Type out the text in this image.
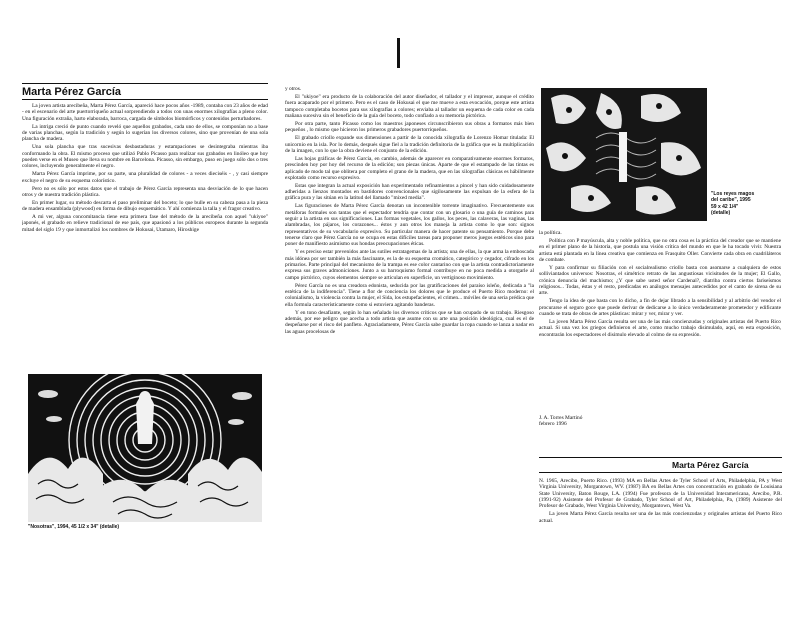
Marta Pérez García

La joven artista arecibeña, Marta Pérez García, apareció hace pocos años -1989, contaba con 23 años de edad - en el escenario del arte puertorriqueño actual sorprendiendo a todos con unas enormes xilografías a pleno color. Una figuración extraña, harto elaborada, barroca, cargada de símbolos biomórficos y contenidos perturbadores.

La intriga creció de punto cuando reveló que aquellos grabados, cada uno de ellos, se componían no a base de varias planchas, según la tradición y según lo sugerían los diversos colores, sino que provenían de una sola plancha de madera.

Una sola plancha que tras sucesivas desbastaduras y estampaciones se desintegraba mientras iba conformando la obra. El mismo proceso que utilizó Pablo Picasso para realizar sus grabados en linóleo que hoy pueden verse en el Museo que lleva su nombre en Barcelona. Picasso, sin embargo, puso en juego sólo dos o tres colores, incluyendo generalmente el negro.

Marta Pérez García imprime, por su parte, una pluralidad de colores - a veces dieciséis - , y casi siempre excluye el negro de su esquema colorístico.

Pero no es sólo por estos datos que el trabajo de Pérez García representa una desviación de lo que hacen otros y de nuestra tradición plástica.

En primer lugar, su método descarta el paso preliminar del boceto; lo que bulle en su cabeza pasa a la pieza de madera ensamblada (plywood) en forma de dibujo esquemático. Y ahí comienza la talla y el fragor creativo.

A mi ver, alguna concomitancia tiene esta primera fase del método de la arecibeña con aquel "ukiyoe" japonés, el grabado en relieve tradicional de ese país, que apasionó a los públicos europeos durante la segunda mitad del siglo 19 y que inmortalizó los nombres de Hokusai, Utamaro, Hiroshige

"Nosotras", 1994, 45 1/2 x 34" (detalle)

y otros.

El "ukiyoe" era producto de la colaboración del autor diseñador, el tallador y el impresor, aunque el crédito fuera acaparado por el primero. Pero es el caso de Hokusai el que me mueve a esta evocación, porque este artista tampoco completaba bocetos para sus xilografías a colores; enviaba al tallador un esquema de cada color en cada mañana sucesiva sin el beneficio de la guía del boceto, todo confiado a su memoria pictórica.

Por otra parte, tanto Picasso como los maestros japoneses circunscribieron sus obras a formatos más bien pequeños , lo mismo que hicieron los primeros grabadores puertorriqueños.

El grabado criollo expande sus dimensiones a partir de la conocida xilografía de Lorenzo Homar titulada: El unicornio en la isla. Por lo demás, después sigue fiel a la tradición definitoria de la gráfica que es la multiplicación de la imagen, con lo que la obra deviene el conjunto de la edición.

Las hojas gráficas de Pérez García, en cambio, además de aparecer en comparativamente enormes formatos, prescinden hoy por hoy del recurso de la edición; son piezas únicas. Aparte de que el estampado de las tintas es aplicado de modo tal que oblitera por completo el grano de la madera, que en las xilografías clásicas es hábilmente explotado como recurso expresivo.

Estas que integran la actual exposición han experimentado refinamientos a pincel y han sido cuidadosamente adheridas a lienzos montados en bastidores convencionales que sigilosamente las expulsan de la esfera de la gráfica pura y las sitúan en la latitud del llamado "mixed media".

Las figuraciones de Marta Pérez García denotan un incontenible torrente imaginativo. Frecuentemente sus metáforas formales son tantas que el espectador tendría que contar con un glosario o una guía de caminos para seguir a la artista en sus significaciones. Las formas vegetales, los gallos, los peces, las calaveras, las vaginas, las alambradas, los pájaros, los corazones... éstos y aun otros los maneja la artista como lo que son: signos representativos de su vocabulario expresivo. Su particular manera de hacer patente su pensamiento. Porque debe tenerse claro que Pérez García no se ocupa en estas difíciles tareas para proponer meros juegos estéticos sino para poner de manifiesto asimismo sus hondas preocupaciones éticas.

Y es preciso estar prevenidos ante las sutiles estratagemas de la artista; una de ellas, la que arma la emboscada más idónea por ser también la más fascinante, es la de su esquema cromático, categórico y cegador, cifrado en los primarios. Parte principal del mecanismo de la trampa es ese color cantarino con que la artista contradictoriamente expresa sus graves admoniciones. Junto a su barroquismo formal contribuye en no poca medida a otorgarle al campo pictórico, cuyos elementos siempre se articulan en superficie, un vertiginoso movimiento.

Pérez García no es una creadora edonista, seducida por las gratificaciones del paraíso isleño, dedicada a "la estética de la indiferencia". Tiene a flor de conciencia los dolores que le produce el Puerto Rico moderno: el colonialismo, la violencia contra la mujer, el Sida, los estupefacientes, el crimen... móviles de una seria prédica que ella formula característicamente como si estuviera agitando banderas.

Y en tono desafiante, según lo han señalado los diversos críticos que se han ocupado de su trabajo. Riesgoso además, por ese peligro que acecha a todo artista que asume con su arte una posición ideológica, cual es el de despeñarse por el risco del panfleto. Agraciadamente, Pérez García sabe guardar la ropa cuando se lanza a nadar en las aguas procelosas de

"Los reyes magos
del caribe", 1995
59 x 42 1/4"
(detalle)

la política.

Política con P mayúscula, alta y noble política, que no otra cosa es la práctica del creador que se mantiene en el primer plano de la historia, que postula una visión crítica del mundo en que le ha tocado vivir. Nuestra artista está plantada en la línea creativa que comienza en Frasquito Oller. Convierte cada obra en cuadriláteros de combate.

Y para confirmar su filiación con el socialrealismo criollo basta con asomarse a cualquiera de estos solliviantados universos: Nosotras, el simétrico retrato de las angustiosas vicisitudes de la mujer; El Gallo, crónica denuncia del machismo; ¿Y que sabe usted señor Cardenal?, diatriba contra ciertos fariseísmos religiosos... Todas, éstas y el resto, predicadas en análogos mensajes antecedidos por el canto de sirena de su arte.

Tengo la idea de que basta con lo dicho, a fin de dejar librado a la sensibilidad y al arbitrio del vendor el procurarse el seguro goce que puede derivar de dedicarse a lo único verdaderamente prometedor y edificante cuando se trata de obras de artes plásticas: mirar y ver, mirar y ver.

La joven Marta Pérez García resulta ser una de las más concienzudas y originales artistas del Puerto Rico actual. Si una vez los griegos definieron el arte, como mucho trabajo disimulado, aquí, en esta exposición, encontrarán los espectadores el disimulo elevado al colmo de su expresión.

J. A. Torres Martinó
febrero 1996
Marta Pérez García

N. 1965, Arecibo, Puerto Rico. (1993) MA en Bellas Artes de Tyler School of Arts, Philadelphia, PA y West Virginia University, Morgantown, WV. (1987) BA en Bellas Artes con concentración en grabado de Louisiana State University, Baton Rouge, LA. (1994) Fue profesora de la Universidad Interamericana, Arecibo, P.R. (1991-92) Asistente del Profesor de Grabado, Tyler School of Art, Philadelphia, Pa, (1989) Asistente del Profesor de Grabado, West Virginia University, Morgantown, West Va.

La joven Marta Pérez García resulta ser una de las más concienzudas y originales artistas del Puerto Rico actual.
